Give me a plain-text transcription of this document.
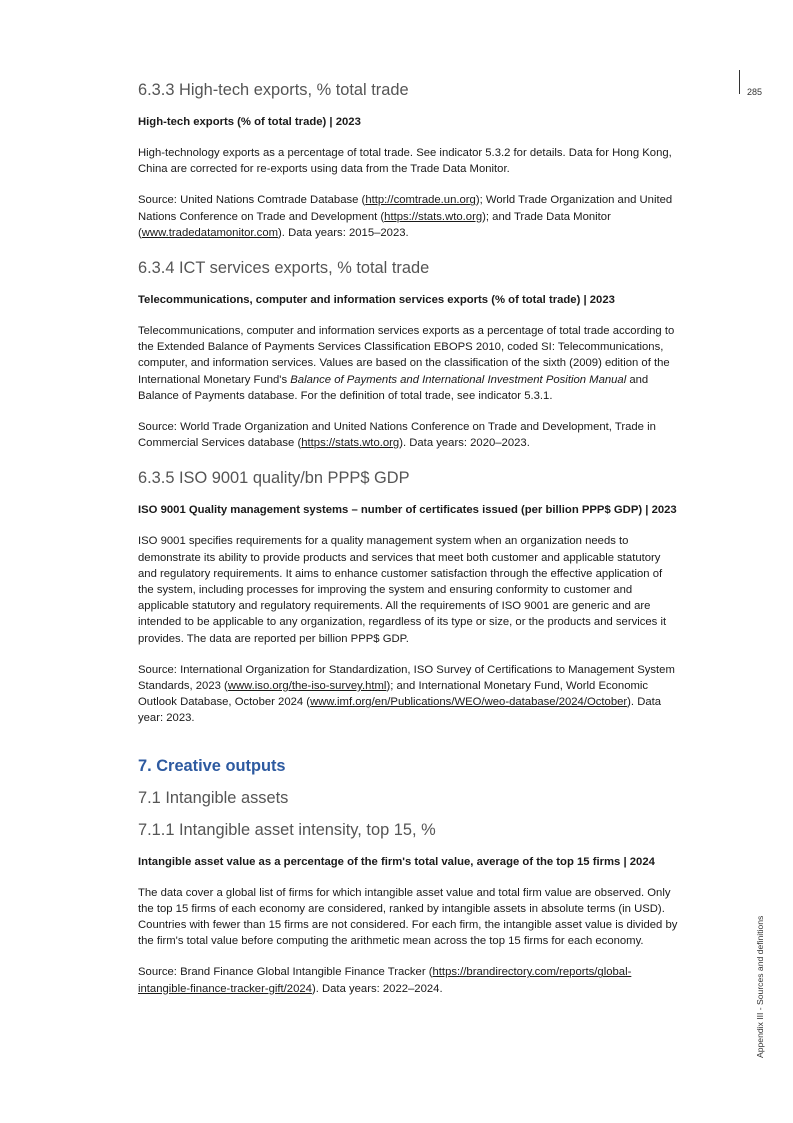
285
Appendix III - Sources and definitions
6.3.3 High-tech exports, % total trade
High-tech exports (% of total trade) | 2023

High-technology exports as a percentage of total trade. See indicator 5.3.2 for details. Data for Hong Kong, China are corrected for re-exports using data from the Trade Data Monitor.

Source: United Nations Comtrade Database (http://comtrade.un.org); World Trade Organization and United Nations Conference on Trade and Development (https://stats.wto.org); and Trade Data Monitor (www.tradedatamonitor.com). Data years: 2015–2023.

6.3.4 ICT services exports, % total trade
Telecommunications, computer and information services exports (% of total trade) | 2023

Telecommunications, computer and information services exports as a percentage of total trade according to the Extended Balance of Payments Services Classification EBOPS 2010, coded SI: Telecommunications, computer, and information services. Values are based on the classification of the sixth (2009) edition of the International Monetary Fund's Balance of Payments and International Investment Position Manual and Balance of Payments database. For the definition of total trade, see indicator 5.3.1.

Source: World Trade Organization and United Nations Conference on Trade and Development, Trade in Commercial Services database (https://stats.wto.org). Data years: 2020–2023.

6.3.5 ISO 9001 quality/bn PPP$ GDP
ISO 9001 Quality management systems – number of certificates issued (per billion PPP$ GDP) | 2023

ISO 9001 specifies requirements for a quality management system when an organization needs to demonstrate its ability to provide products and services that meet both customer and applicable statutory and regulatory requirements. It aims to enhance customer satisfaction through the effective application of the system, including processes for improving the system and ensuring conformity to customer and applicable statutory and regulatory requirements. All the requirements of ISO 9001 are generic and are intended to be applicable to any organization, regardless of its type or size, or the products and services it provides. The data are reported per billion PPP$ GDP.

Source: International Organization for Standardization, ISO Survey of Certifications to Management System Standards, 2023 (www.iso.org/the-iso-survey.html); and International Monetary Fund, World Economic Outlook Database, October 2024 (www.imf.org/en/Publications/WEO/weo-database/2024/October). Data year: 2023.

7. Creative outputs
7.1 Intangible assets
7.1.1 Intangible asset intensity, top 15, %
Intangible asset value as a percentage of the firm's total value, average of the top 15 firms | 2024

The data cover a global list of firms for which intangible asset value and total firm value are observed. Only the top 15 firms of each economy are considered, ranked by intangible assets in absolute terms (in USD). Countries with fewer than 15 firms are not considered. For each firm, the intangible asset value is divided by the firm's total value before computing the arithmetic mean across the top 15 firms for each economy.

Source: Brand Finance Global Intangible Finance Tracker (https://brandirectory.com/reports/global-intangible-finance-tracker-gift/2024). Data years: 2022–2024.
